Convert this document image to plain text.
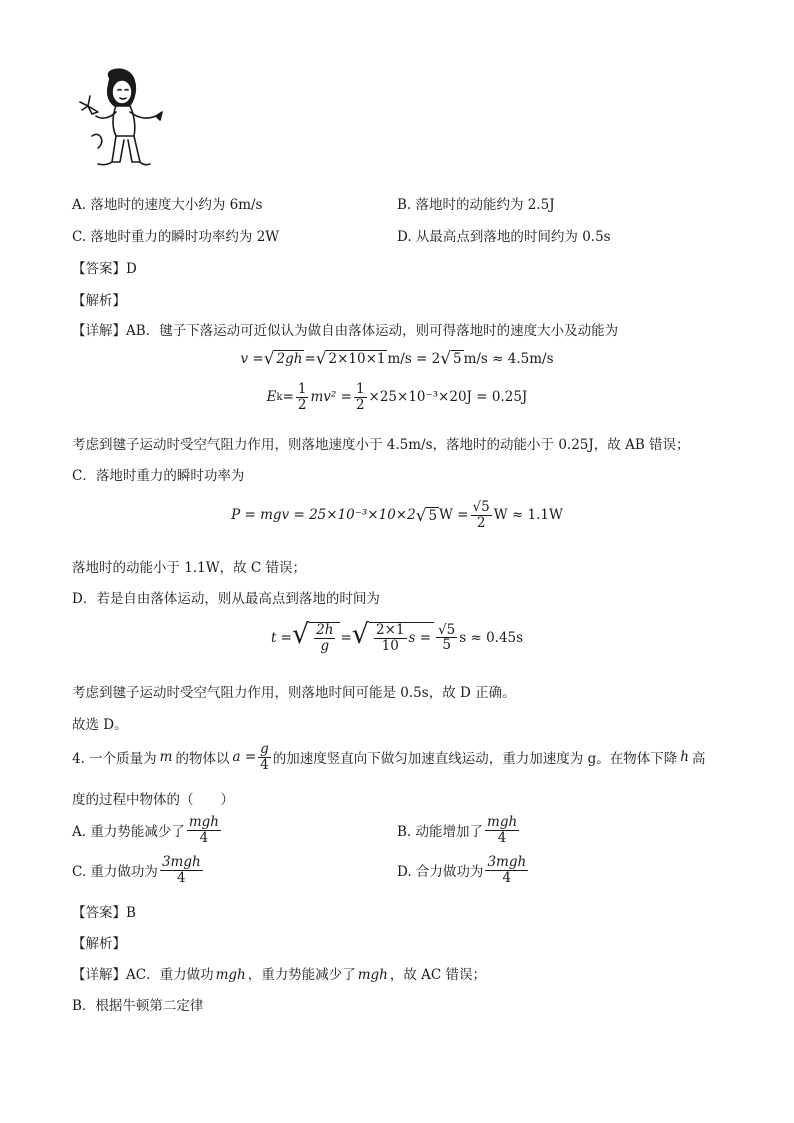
A. 落地时的速度大小约为 6m/s	B. 落地时的动能约为 2.5J
C. 落地时重力的瞬时功率约为 2W	D. 从最高点到落地的时间约为 0.5s
【答案】D
【解析】
【详解】AB．毽子下落运动可近似认为做自由落体运动，则可得落地时的速度大小及动能为
v = √ 2gh = √ 2×10×1 m/s = 2 √ 5 m/s ≈ 4.5m/s
E $k = \frac{1}{2} mv^2 = \frac{1}{2} \times 25\times 10^{-3}\times 20J = 0.25J$
考虑到毽子运动时受空气阻力作用，则落地速度小于 4.5m/s，落地时的动能小于 0.25J，故 AB 错误；
C．落地时重力的瞬时功率为
P = mgv = 25×10⁻³×10×2 √ 5 $W = \frac{√5}{2}$ W ≈ 1.1W
落地时的动能小于 1.1W，故 C 错误；
D．若是自由落体运动，则从最高点到落地的时间为
t = √ $\frac{2h}{g}$ = √ $\frac{2\times 1}{10}$ $s = \frac{√5}{5}$ s ≈ 0.45s
考虑到毽子运动时受空气阻力作用，则落地时间可能是 0.5s，故 D 正确。
故选 D。
4. 一个质量为 m 的物体以 $a = \frac{g}{4}$ 的加速度竖直向下做匀加速直线运动，重力加速度为 g。在物体下降 h 高
度的过程中物体的（　　）
A. 重力势能减少了 $\frac{\text{mgh}}{4}$	B. 动能增加了 $\frac{\text{mgh}}{4}$
C. 重力做功为 $\frac{\text{3mgh}}{4}$	D. 合力做功为 $\frac{\text{3mgh}}{4}$
【答案】B
【解析】
【详解】AC．重力做功 mgh ，重力势能减少了 mgh ，故 AC 错误；
B．根据牛顿第二定律
